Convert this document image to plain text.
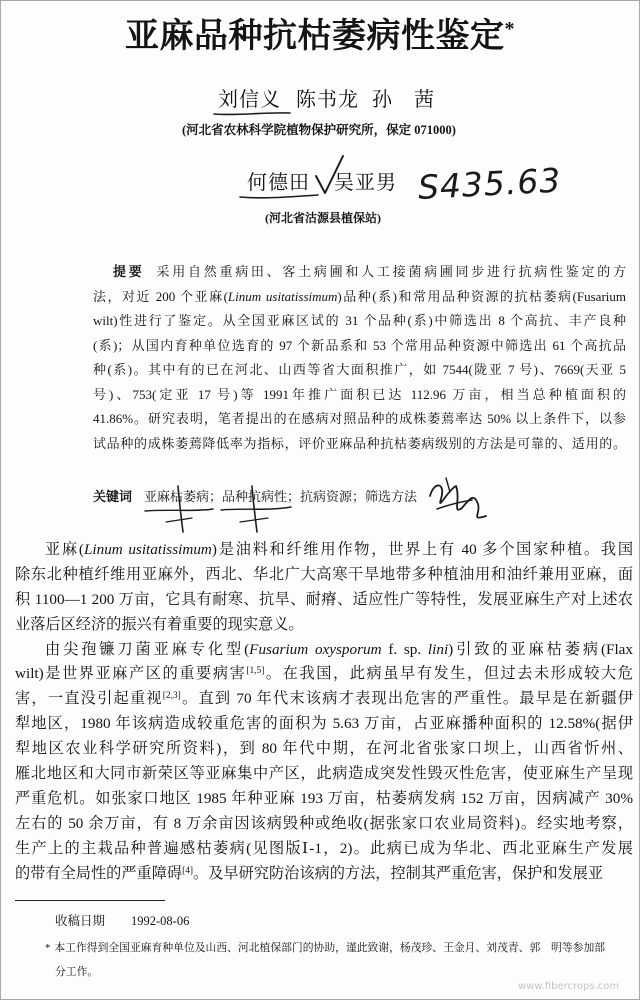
亚麻品种抗枯萎病性鉴定*
刘信义 陈书龙 孙　茜
(河北省农林科学院植物保护研究所，保定 071000)
何德田 吴亚男
(河北省沽源县植保站)
S435.63
提要 采用自然重病田、客土病圃和人工接菌病圃同步进行抗病性鉴定的方
法，对近 200 个亚麻(Linum usitatissimum)品种(系)和常用品种资源的抗枯萎病(Fusarium
wilt)性进行了鉴定。从全国亚麻区试的 31 个品种(系)中筛选出 8 个高抗、丰产良种
(系)；从国内育种单位选育的 97 个新品系和 53 个常用品种资源中筛选出 61 个高抗品
种(系)。其中有的已在河北、山西等省大面积推广，如 7544(陇亚 7 号)、7669(天亚 5
号)、753(定亚 17 号)等 1991年推广面积已达 112.96 万亩，相当总种植面积的
41.86%。研究表明，笔者提出的在感病对照品种的成株萎蔫率达 50% 以上条件下，以参
试品种的成株萎蔫降低率为指标，评价亚麻品种抗枯萎病级别的方法是可靠的、适用的。
关键词 亚麻枯萎病；品种抗病性；抗病资源；筛选方法
亚麻(Linum usitatissimum)是油料和纤维用作物，世界上有 40 多个国家种植。我国
除东北种植纤维用亚麻外，西北、华北广大高寒干旱地带多种植油用和油纤兼用亚麻，面
积 1100—1 200 万亩，它具有耐寒、抗旱、耐瘠、适应性广等特性，发展亚麻生产对上述农
业落后区经济的振兴有着重要的现实意义。
由尖孢镰刀菌亚麻专化型(Fusarium oxysporum f. sp. lini)引致的亚麻枯萎病(Flax
wilt)是世界亚麻产区的重要病害[1,5]。在我国，此病虽早有发生，但过去未形成较大危
害，一直没引起重视[2,3]。直到 70 年代末该病才表现出危害的严重性。最早是在新疆伊
犁地区，1980 年该病造成较重危害的面积为 5.63 万亩，占亚麻播种面积的 12.58%(据伊
犁地区农业科学研究所资料)，到 80 年代中期，在河北省张家口坝上，山西省忻州、
雁北地区和大同市新荣区等亚麻集中产区，此病造成突发性毁灭性危害，使亚麻生产呈现
严重危机。如张家口地区 1985 年种亚麻 193 万亩，枯萎病发病 152 万亩，因病减产 30%
左右的 50 余万亩，有 8 万余亩因该病毁种或绝收(据张家口农业局资料)。经实地考察，
生产上的主栽品种普遍感枯萎病(见图版Ⅰ-1，2)。此病已成为华北、西北亚麻生产发展
的带有全局性的严重障碍[4]。及早研究防治该病的方法，控制其严重危害，保护和发展亚
收稿日期 1992-08-06
* 本工作得到全国亚麻育种单位及山西、河北植保部门的协助，谨此致谢，杨茂珍、王金月、刘茂青、郭　明等参加部
分工作。
www.fibercrops.com
